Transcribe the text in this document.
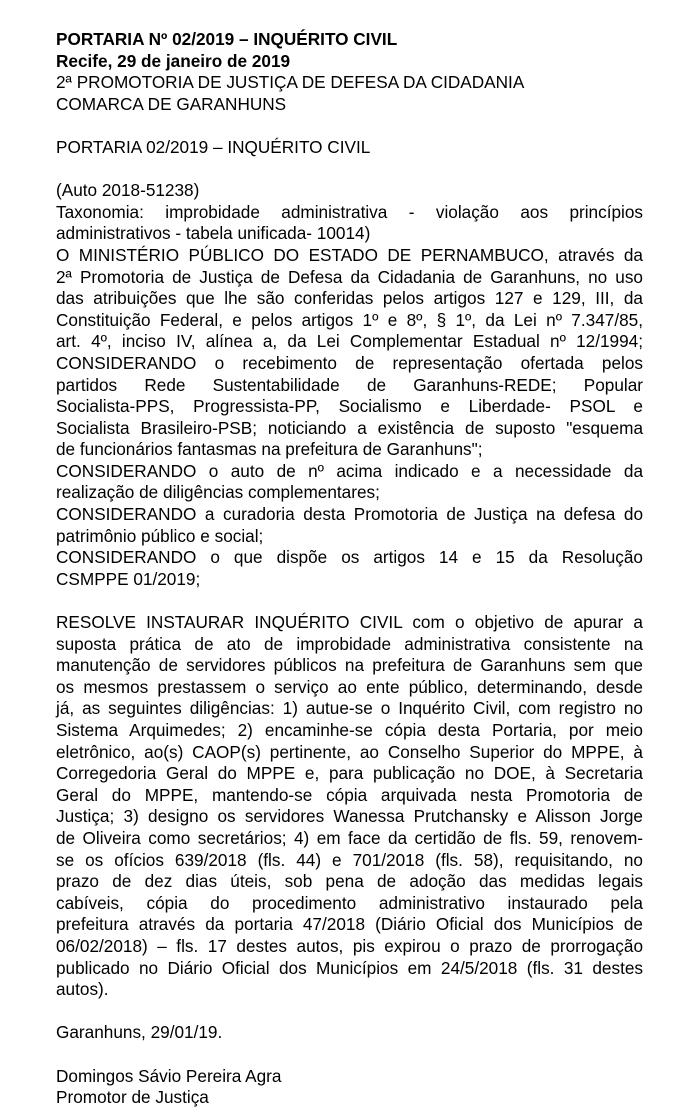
PORTARIA Nº 02/2019 – INQUÉRITO CIVIL

Recife, 29 de janeiro de 2019

2ª PROMOTORIA DE JUSTIÇA DE DEFESA DA CIDADANIA

COMARCA DE GARANHUNS

PORTARIA 02/2019 – INQUÉRITO CIVIL

(Auto 2018-51238)

Taxonomia: improbidade administrativa - violação aos princípios

administrativos - tabela unificada- 10014)

O MINISTÉRIO PÚBLICO DO ESTADO DE PERNAMBUCO, através da

2ª Promotoria de Justiça de Defesa da Cidadania de Garanhuns, no uso

das atribuições que lhe são conferidas pelos artigos 127 e 129, III, da

Constituição Federal, e pelos artigos 1º e 8º, § 1º, da Lei nº 7.347/85,

art. 4º, inciso IV, alínea a, da Lei Complementar Estadual nº 12/1994;

CONSIDERANDO o recebimento de representação ofertada pelos

partidos Rede Sustentabilidade de Garanhuns-REDE; Popular

Socialista-PPS, Progressista-PP, Socialismo e Liberdade- PSOL e

Socialista Brasileiro-PSB; noticiando a existência de suposto "esquema

de funcionários fantasmas na prefeitura de Garanhuns";

CONSIDERANDO o auto de nº acima indicado e a necessidade da

realização de diligências complementares;

CONSIDERANDO a curadoria desta Promotoria de Justiça na defesa do

patrimônio público e social;

CONSIDERANDO o que dispõe os artigos 14 e 15 da Resolução

CSMPPE 01/2019;

RESOLVE INSTAURAR INQUÉRITO CIVIL com o objetivo de apurar a

suposta prática de ato de improbidade administrativa consistente na

manutenção de servidores públicos na prefeitura de Garanhuns sem que

os mesmos prestassem o serviço ao ente público, determinando, desde

já, as seguintes diligências: 1) autue-se o Inquérito Civil, com registro no

Sistema Arquimedes; 2) encaminhe-se cópia desta Portaria, por meio

eletrônico, ao(s) CAOP(s) pertinente, ao Conselho Superior do MPPE, à

Corregedoria Geral do MPPE e, para publicação no DOE, à Secretaria

Geral do MPPE, mantendo-se cópia arquivada nesta Promotoria de

Justiça; 3) designo os servidores Wanessa Prutchansky e Alisson Jorge

de Oliveira como secretários; 4) em face da certidão de fls. 59, renovem-

se os ofícios 639/2018 (fls. 44) e 701/2018 (fls. 58), requisitando, no

prazo de dez dias úteis, sob pena de adoção das medidas legais

cabíveis, cópia do procedimento administrativo instaurado pela

prefeitura através da portaria 47/2018 (Diário Oficial dos Municípios de

06/02/2018) – fls. 17 destes autos, pis expirou o prazo de prorrogação

publicado no Diário Oficial dos Municípios em 24/5/2018 (fls. 31 destes

autos).

Garanhuns, 29/01/19.

Domingos Sávio Pereira Agra

Promotor de Justiça
